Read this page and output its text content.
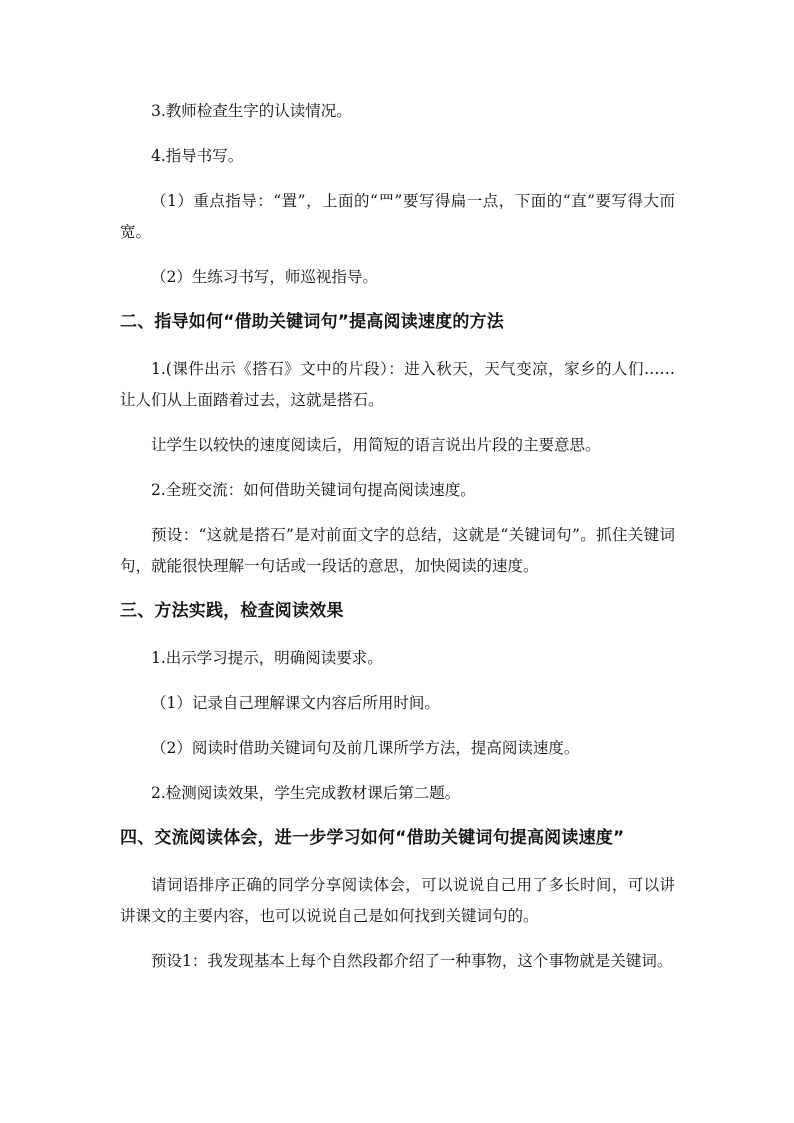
3.教师检查生字的认读情况。

4.指导书写。

（1）重点指导：“置”，上面的“罒”要写得扁一点，下面的“直”要写得大而宽。

（2）生练习书写，师巡视指导。

二、指导如何“借助关键词句”提高阅读速度的方法

1.(课件出示《搭石》文中的片段）：进入秋天，天气变凉，家乡的人们……让人们从上面踏着过去，这就是搭石。

让学生以较快的速度阅读后，用简短的语言说出片段的主要意思。

2.全班交流：如何借助关键词句提高阅读速度。

预设：“这就是搭石”是对前面文字的总结，这就是“关键词句”。抓住关键词句，就能很快理解一句话或一段话的意思，加快阅读的速度。

三、方法实践，检查阅读效果

1.出示学习提示，明确阅读要求。

（1）记录自己理解课文内容后所用时间。

（2）阅读时借助关键词句及前几课所学方法，提高阅读速度。

2.检测阅读效果，学生完成教材课后第二题。

四、交流阅读体会，进一步学习如何“借助关键词句提高阅读速度”

请词语排序正确的同学分享阅读体会，可以说说自己用了多长时间，可以讲讲课文的主要内容，也可以说说自己是如何找到关键词句的。

预设1：我发现基本上每个自然段都介绍了一种事物，这个事物就是关键词。
